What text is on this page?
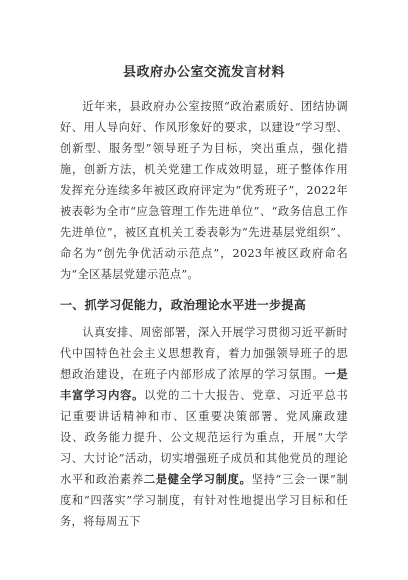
县政府办公室交流发言材料

近年来，县政府办公室按照“政治素质好、团结协调好、用人导向好、作风形象好的要求，以建设“学习型、创新型、服务型”领导班子为目标，突出重点，强化措施，创新方法，机关党建工作成效明显，班子整体作用发挥充分连续多年被区政府评定为“优秀班子”，2022年被表彰为全市“应急管理工作先进单位”、“政务信息工作先进单位”，被区直机关工委表彰为“先进基层党组织”、命名为“创先争优活动示范点”，2023年被区政府命名为“全区基层党建示范点”。

一、抓学习促能力，政治理论水平进一步提高

认真安排、周密部署，深入开展学习贯彻习近平新时代中国特色社会主义思想教育，着力加强领导班子的思想政治建设，在班子内部形成了浓厚的学习氛围。一是丰富学习内容。以党的二十大报告、党章、习近平总书记重要讲话精神和市、区重要决策部署、党风廉政建设、政务能力提升、公文规范运行为重点，开展“大学习、大讨论”活动，切实增强班子成员和其他党员的理论水平和政治素养二是健全学习制度。坚持“三会一课”制度和“四落实”学习制度，有针对性地提出学习目标和任务，将每周五下
